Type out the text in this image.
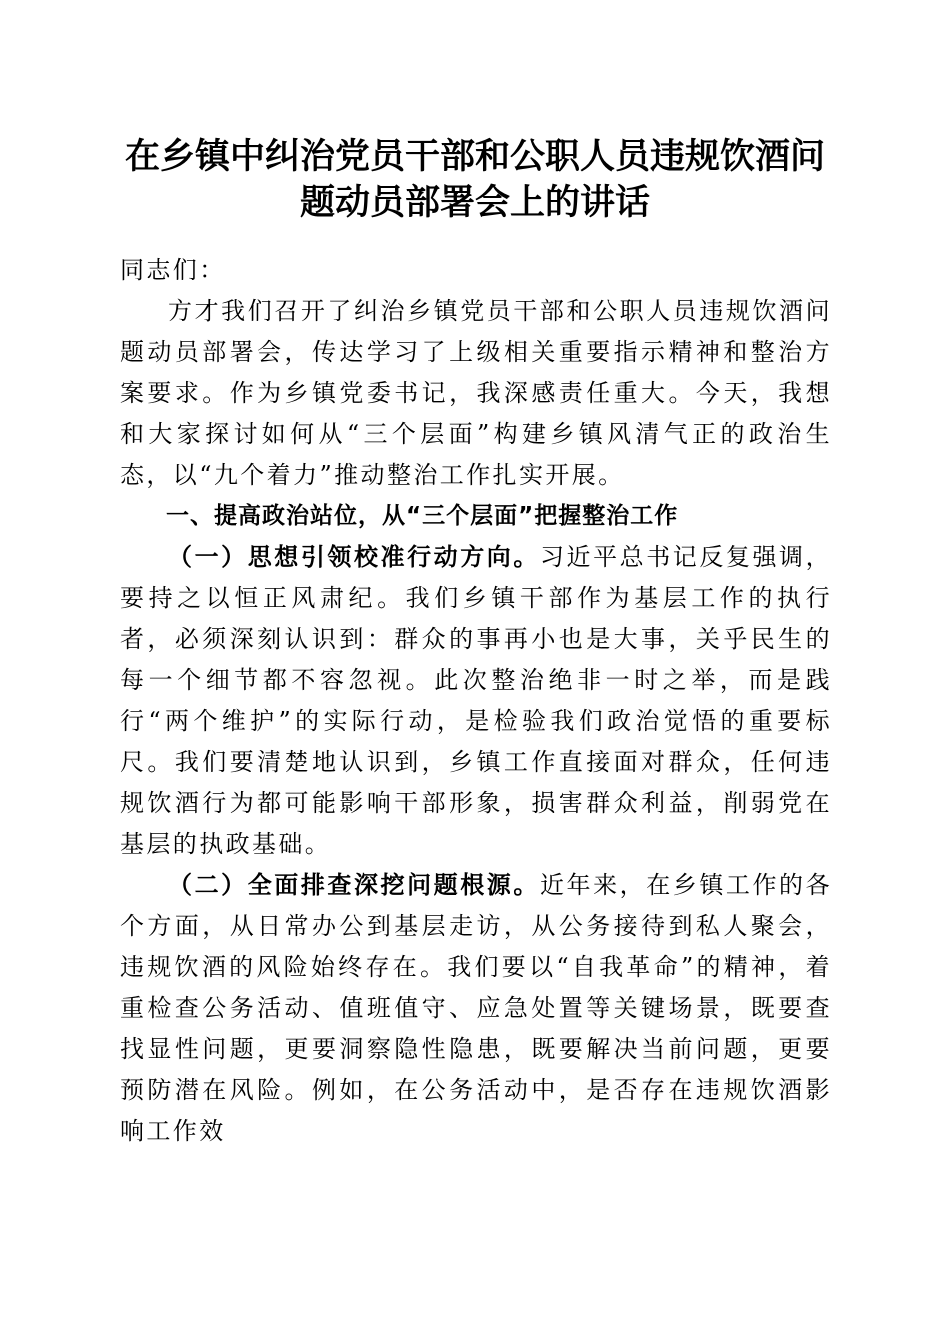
在乡镇中纠治党员干部和公职人员违规饮酒问
题动员部署会上的讲话

同志们：

方才我们召开了纠治乡镇党员干部和公职人员违规饮酒问题动员部署会，传达学习了上级相关重要指示精神和整治方案要求。作为乡镇党委书记，我深感责任重大。今天，我想和大家探讨如何从“三个层面”构建乡镇风清气正的政治生态，以“九个着力”推动整治工作扎实开展。

一、提高政治站位，从“三个层面”把握整治工作

（一）思想引领校准行动方向。习近平总书记反复强调，要持之以恒正风肃纪。我们乡镇干部作为基层工作的执行者，必须深刻认识到：群众的事再小也是大事，关乎民生的每一个细节都不容忽视。此次整治绝非一时之举，而是践行“两个维护”的实际行动，是检验我们政治觉悟的重要标尺。我们要清楚地认识到，乡镇工作直接面对群众，任何违规饮酒行为都可能影响干部形象，损害群众利益，削弱党在基层的执政基础。

（二）全面排查深挖问题根源。近年来，在乡镇工作的各个方面，从日常办公到基层走访，从公务接待到私人聚会，违规饮酒的风险始终存在。我们要以“自我革命”的精神，着重检查公务活动、值班值守、应急处置等关键场景，既要查找显性问题，更要洞察隐性隐患，既要解决当前问题，更要预防潜在风险。例如，在公务活动中，是否存在违规饮酒影响工作效
